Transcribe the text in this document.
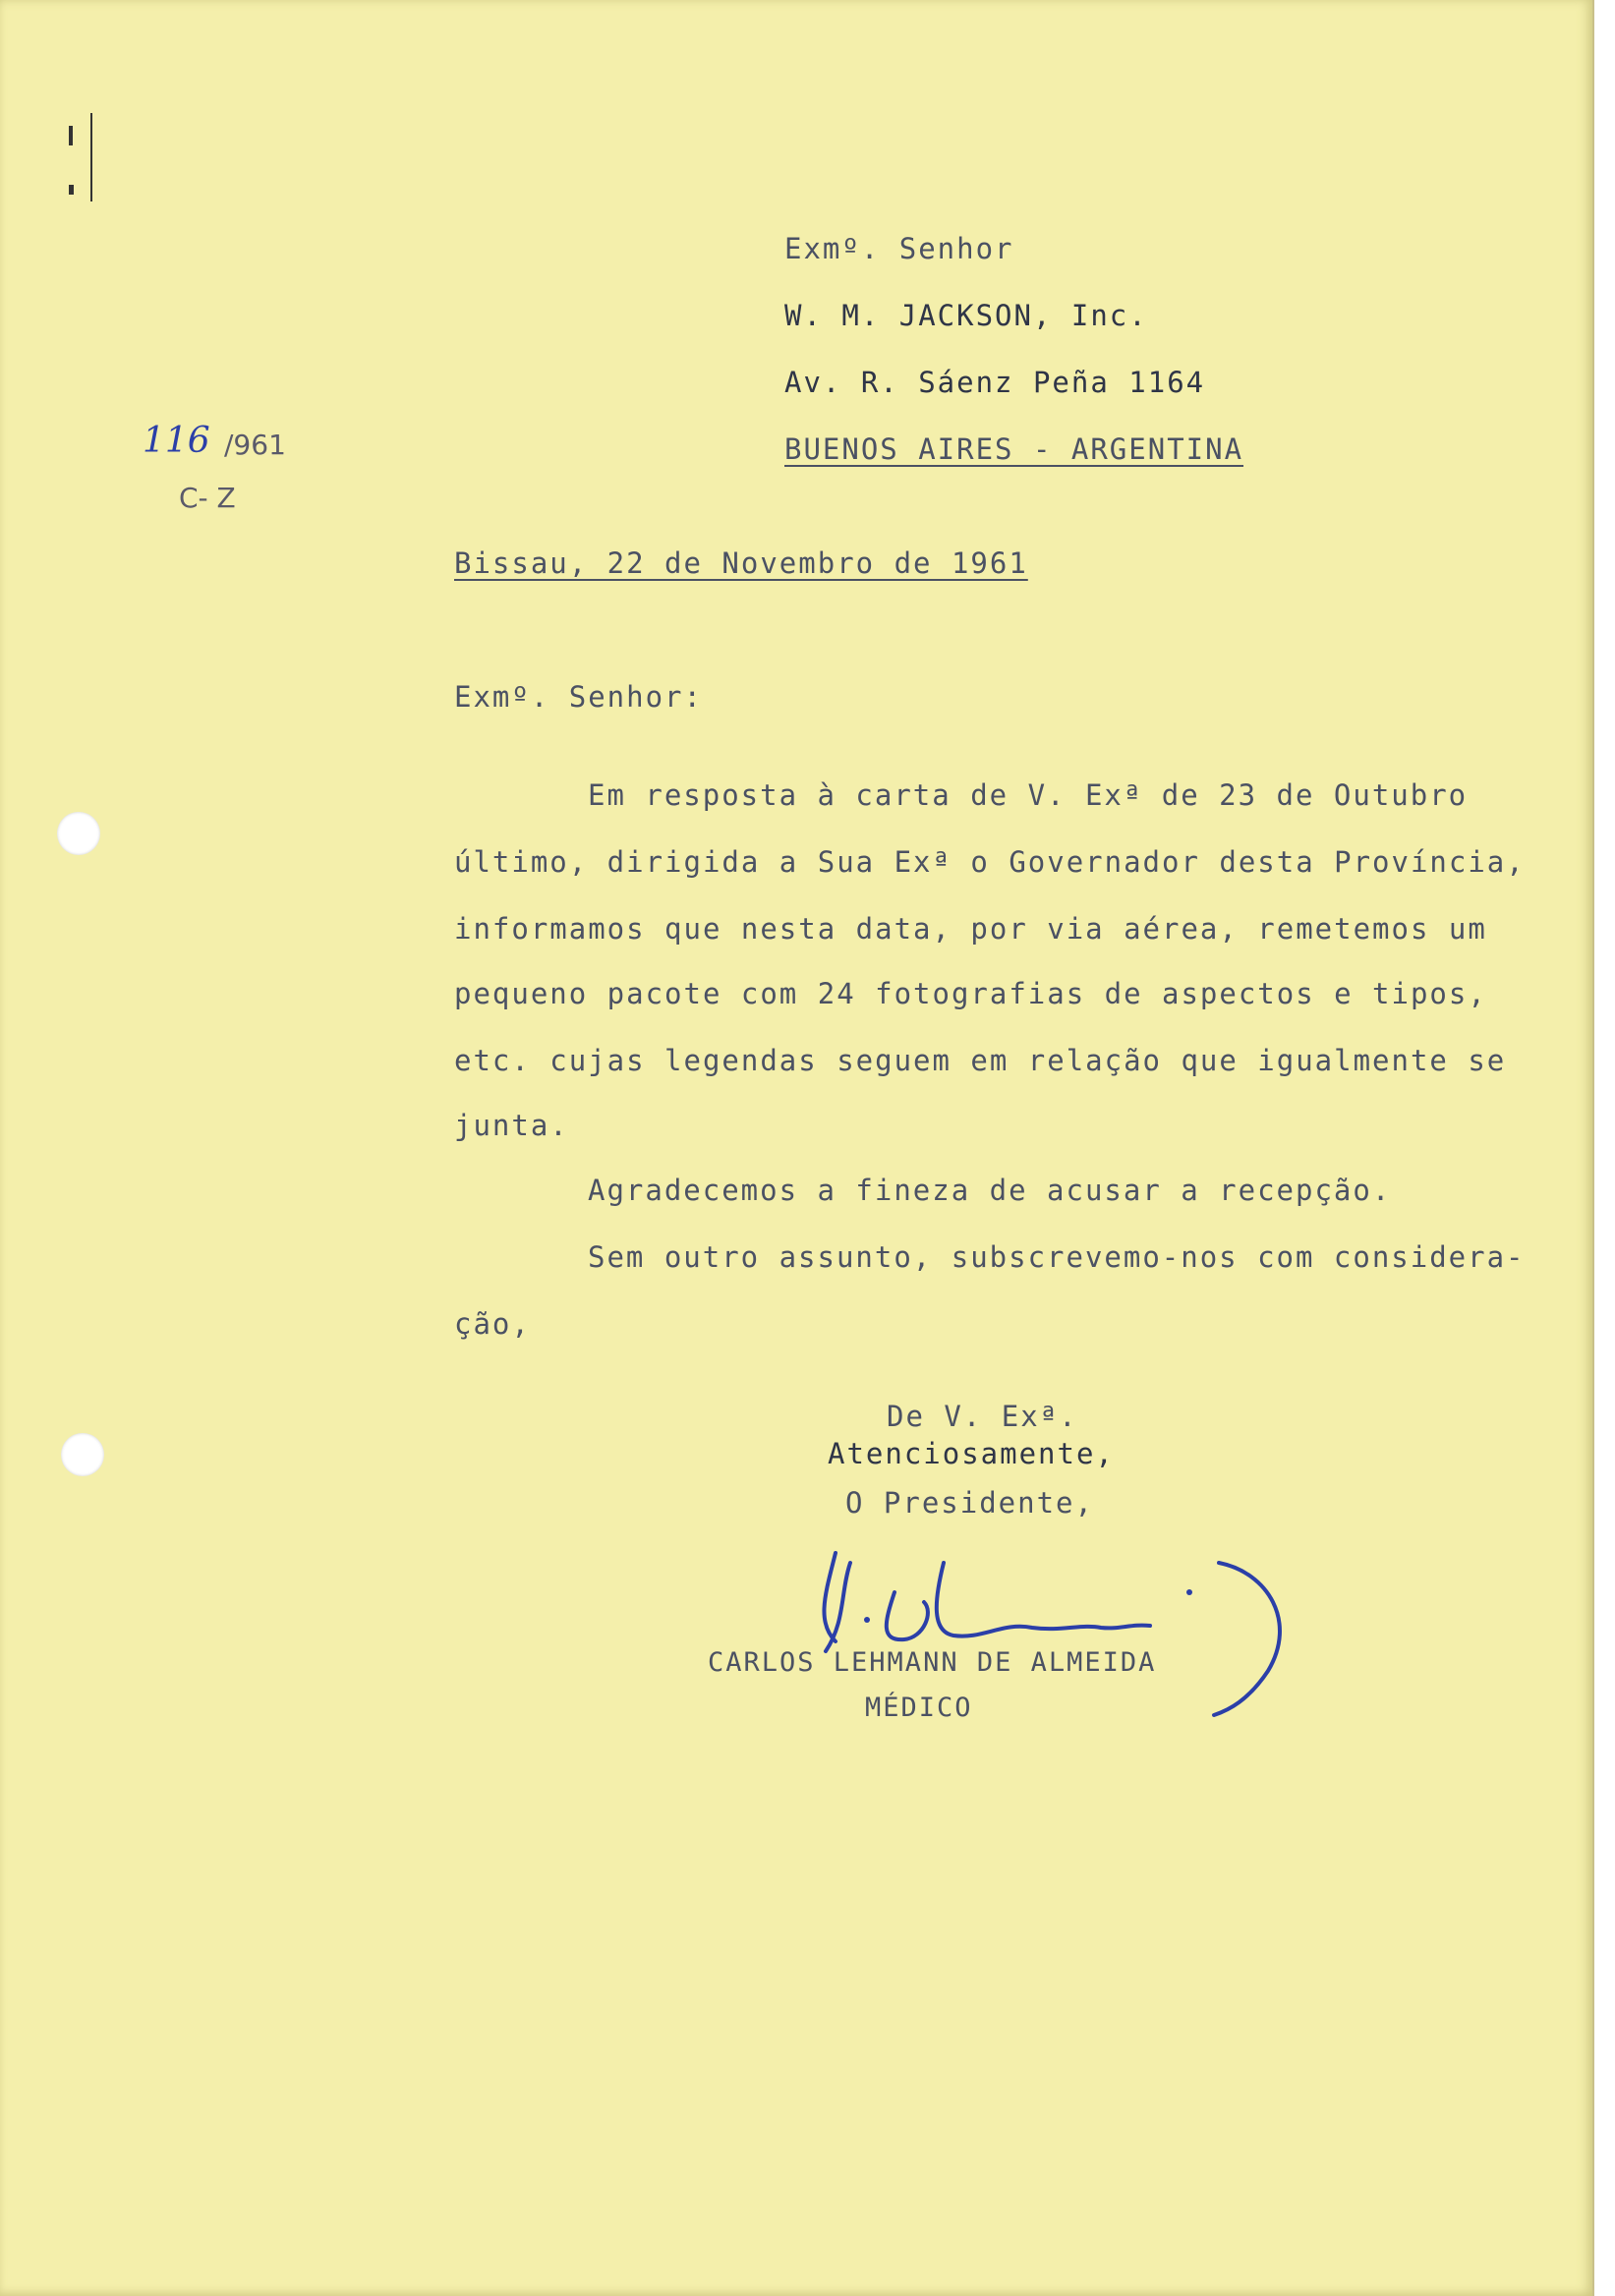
116 /961
C- Z
Exmº. Senhor
W. M. JACKSON, Inc.
Av. R. Sáenz Peña 1164
BUENOS AIRES - ARGENTINA
Bissau, 22 de Novembro de 1961
Exmº. Senhor:
Em resposta à carta de V. Exª de 23 de Outubro
último, dirigida a Sua Exª o Governador desta Província,
informamos que nesta data, por via aérea, remetemos um
pequeno pacote com 24 fotografias de aspectos e tipos,
etc. cujas legendas seguem em relação que igualmente se
junta.
Agradecemos a fineza de acusar a recepção.
Sem outro assunto, subscrevemo-nos com considera-
ção,
De V. Exª.
Atenciosamente,
O Presidente,
CARLOS LEHMANN DE ALMEIDA
MÉDICO
